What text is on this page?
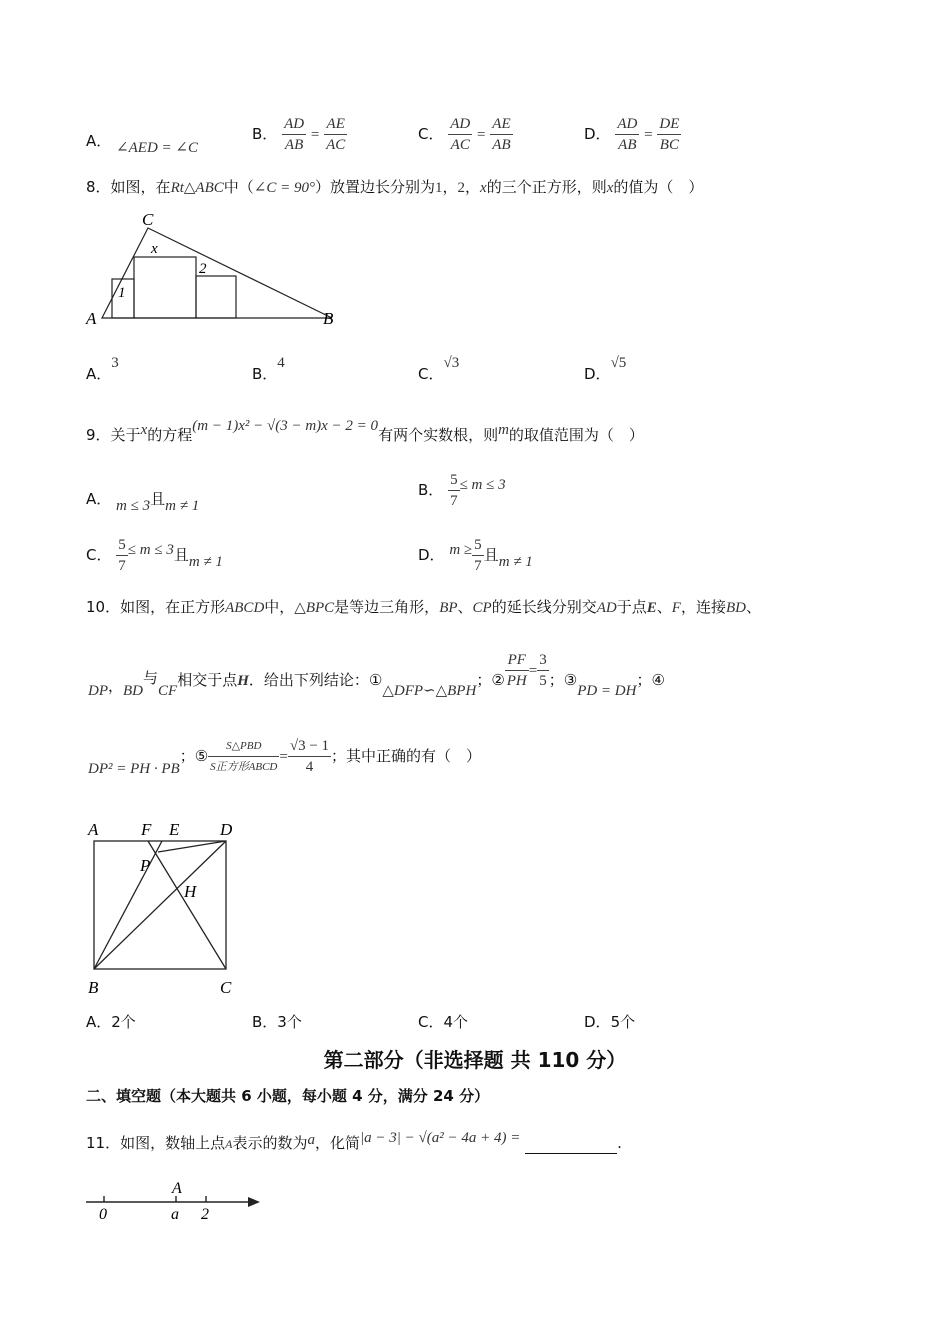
A． ∠AED = ∠C
B． $\frac{AD}{AB} = \frac{AE}{AC}$	C． $\frac{AD}{AC} = \frac{AE}{AB}$	D． $\frac{AD}{AB} = \frac{DE}{BC}$
8．如图，在Rt△ABC中（∠C = 90°）放置边长分别为1，2，x的三个正方形，则x的值为（　）
C
A	B
x
1
2
A．3
B．4
C．√3
D．√5
9．关于x的方程(m − 1)x² − √(3 − m)x − 2 = 0有两个实数根，则m的取值范围为（　）
A． m ≤ 3且m ≠ 1
B． $\frac{5}{7} \le m \le 3$
C． $\frac{5}{7} \le m \le 3$且m ≠ 1	D． $m \ge \frac{5}{7}$ 且m ≠ 1
10．如图，在正方形ABCD中，△BPC是等边三角形，BP、CP的延长线分别交AD于点E、F，连接BD、
DP，BD与CF相交于点H．给出下列结论：①△DFP∽△BPH；② $\frac{PF}{PH} = \frac{3}{5}$ ；③PD = DH；④
DP² = PH · PB；⑤ $\frac{\text{S△PBD}}{\text{S正方形ABCD}} = \frac{√3 - 1}{4}$ ；其中正确的有（　）
A	F E D
P
H
B	C
A．2个	B．3个	C．4个	D．5个
第二部分（非选择题 共 110 分）
二、填空题（本大题共 6 小题，每小题 4 分，满分 24 分）
11．如图，数轴上点A表示的数为a，化简|a − 3| − √(a² − 4a + 4) =	.
A
0	a 2
